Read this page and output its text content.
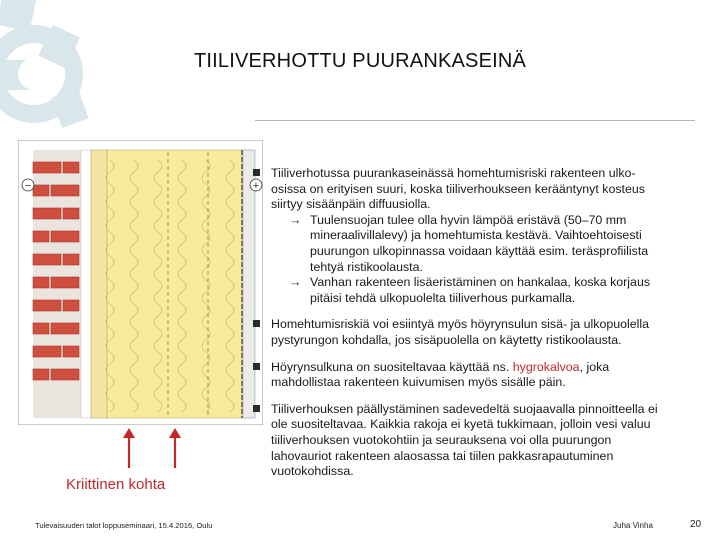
TIILIVERHOTTU PUURANKASEINÄ
−	+
Kriittinen kohta
Tiiliverhotussa puurankaseinässä homehtumisriski rakenteen ulko-osissa on erityisen suuri, koska tiiliverhoukseen kerääntynyt kosteus siirtyy sisäänpäin diffuusiolla.
→ Tuulensuojan tulee olla hyvin lämpöä eristävä (50–70 mm mineraalivillalevy) ja homehtumista kestävä. Vaihtoehtoisesti puurungon ulkopinnassa voidaan käyttää esim. teräsprofiilista tehtyä ristikoolausta.
→ Vanhan rakenteen lisäeristäminen on hankalaa, koska korjaus pitäisi tehdä ulkopuolelta tiiliverhous purkamalla.
Homehtumisriskiä voi esiintyä myös höyrynsulun sisä- ja ulkopuolella pystyrungon kohdalla, jos sisäpuolella on käytetty ristikoolausta.
Höyrynsulkuna on suositeltavaa käyttää ns. hygrokalvoa, joka mahdollistaa rakenteen kuivumisen myös sisälle päin.
Tiiliverhouksen päällystäminen sadevedeltä suojaavalla pinnoitteella ei ole suositeltavaa. Kaikkia rakoja ei kyetä tukkimaan, jolloin vesi valuu tiiliverhouksen vuotokohtiin ja seurauksena voi olla puurungon lahovauriot rakenteen alaosassa tai tiilen pakkasrapautuminen vuotokohdissa.
Tulevaisuuden talot loppuseminaari, 15.4.2016, Oulu	Juha Vinha	20
